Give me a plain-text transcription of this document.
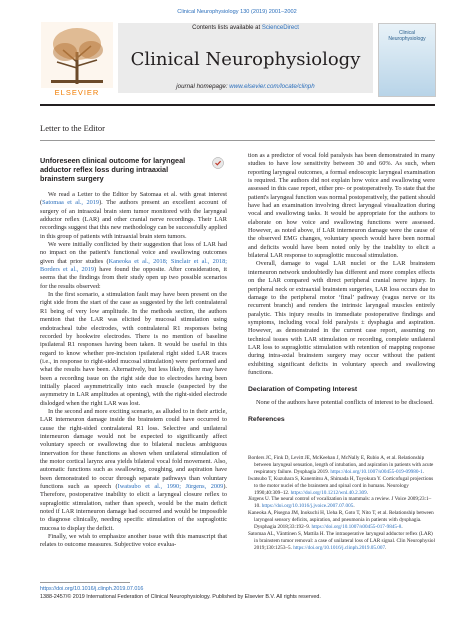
Clinical Neurophysiology 130 (2019) 2001–2002
ELSEVIER
Contents lists available at ScienceDirect
Clinical Neurophysiology
journal homepage: www.elsevier.com/locate/clinph
Clinical Neurophysiology
Letter to the Editor
Unforeseen clinical outcome for laryngeal adductor reflex loss during intraaxial brainstem surgery

We read a Letter to the Editor by Satomaa et al. with great interest (Satomaa et al., 2019). The authors present an excellent account of surgery of an intraaxial brain stem tumor monitored with the laryngeal adductor reflex (LAR) and other cranial nerve recordings. Their LAR recordings suggest that this new methodology can be successfully applied in this group of patients with intraaxial brain stem tumors.

We were initially conflicted by their suggestion that loss of LAR had no impact on the patient's functional voice and swallowing outcomes given that prior studies (Kaneoka et al., 2018; Sinclair et al., 2018; Borders et al., 2019) have found the opposite. After consideration, it seems that the findings from their study open up two possible scenarios for the results observed:

In the first scenario, a stimulation fault may have been present on the right side from the start of the case as suggested by the left contralateral R1 being of very low amplitude. In the methods section, the authors mention that the LAR was elicited by mucosal stimulation using endotracheal tube electrodes, with contralateral R1 responses being recorded by hookwire electrodes. There is no mention of baseline ipsilateral R1 responses having been taken. It would be useful in this regard to know whether pre-incision ipsilateral right sided LAR traces (i.e., in response to right-sided mucosal stimulation) were performed and what the results have been. Alternatively, but less likely, there may have been a recording issue on the right side due to electrodes having been initially placed asymmetrically into each muscle (suspected by the asymmetry in LAR amplitudes at opening), with the right-sided electrode dislodged when the right LAR was lost.

In the second and more exciting scenario, as alluded to in their article, LAR interneuron damage inside the brainstem could have occurred to cause the right-sided contralateral R1 loss. Selective and unilateral interneuron damage would not be expected to significantly affect voluntary speech or swallowing due to bilateral nucleus ambiguous innervation for these functions as shown when unilateral stimulation of the motor cortical larynx area yields bilateral vocal fold movement. Also, automatic functions such as swallowing, coughing, and aspiration have been demonstrated to occur through separate pathways than voluntary functions such as speech (Iwatsubo et al., 1990; Jürgens, 2009). Therefore, postoperative inability to elicit a laryngeal closure reflex to supraglottic stimulation, rather than speech, would be the main deficit noted if LAR interneuron damage had occurred and would be impossible to diagnose clinically, needing specific stimulation of the supraglottic mucosa to display the deficit.

Finally, we wish to emphasize another issue with this manuscript that relates to outcome measures. Subjective voice evalua-

tion as a predictor of vocal fold paralysis has been demonstrated in many studies to have low sensitivity between 30 and 60%. As such, when reporting laryngeal outcomes, a formal endoscopic laryngeal examination is required. The authors did not explain how voice and swallowing were assessed in this case report, either pre- or postoperatively. To state that the patient's laryngeal function was normal postoperatively, the patient should have had an examination involving direct laryngeal visualization during vocal and swallowing tasks. It would be appropriate for the authors to elaborate on how voice and swallowing functions were assessed. However, as noted above, if LAR interneuron damage were the cause of the observed EMG changes, voluntary speech would have been normal and deficits would have been noted only by the inability to elicit a bilateral LAR response to supraglottic mucosal stimulation.

Overall, damage to vagal LAR nuclei or the LAR brainstem interneuron network undoubtedly has different and more complex effects on the LAR compared with direct peripheral cranial nerve injury. In peripheral neck or extraaxial brainstem surgeries, LAR loss occurs due to damage to the peripheral motor ‘final’ pathway (vagus nerve or its recurrent branch) and renders the intrinsic laryngeal muscles entirely paralytic. This injury results in immediate postoperative findings and symptoms, including vocal fold paralysis ± dysphagia and aspiration. However, as demonstrated in the current case report, assuming no technical issues with LAR stimulation or recording, complete unilateral LAR loss to supraglottic stimulation with retention of mapping response during intra-axial brainstem surgery may occur without the patient exhibiting significant deficits in voluntary speech and swallowing functions.

Declaration of Competing Interest

None of the authors have potential conflicts of interest to be disclosed.

References

Borders JC, Fink D, Levitt JE, McKeehan J, McNally E, Rubio A, et al. Relationship between laryngeal sensation, length of intubation, and aspiration in patients with acute respiratory failure. Dysphagia 2019. https://doi.org/10.1007/s00455-019-09980-1.

Iwatsubo T, Kuzuhara S, Kanemitsu A, Shimada H, Toyokura Y. Corticofugal projections to the motor nuclei of the brainstem and spinal cord in humans. Neurology 1990;40:309–12. https://doi.org/10.1212/wnl.40.2.309.

Jürgens U. The neural control of vocalization in mammals: a review. J Voice 2009;23:1–10. https://doi.org/10.1016/j.jvoice.2007.07.005.

Kaneoka A, Pisegna JM, Inokuchi H, Ueha R, Goto T, Nito T, et al. Relationship between laryngeal sensory deficits, aspiration, and pneumonia in patients with dysphagia. Dysphagia 2018;33:192–9. https://doi.org/10.1007/s00455-017-9845-8.

Satomaa AL, Vänttinen S, Mattila H. The intraoperative laryngeal adductor reflex (LAR) in brainstem tumor removal: a case of unilateral loss of LAR signal. Clin Neurophysiol 2019;130:1253–5. https://doi.org/10.1016/j.clinph.2019.05.007.

https://doi.org/10.1016/j.clinph.2019.07.016
1388-2457/© 2019 International Federation of Clinical Neurophysiology. Published by Elsevier B.V. All rights reserved.
